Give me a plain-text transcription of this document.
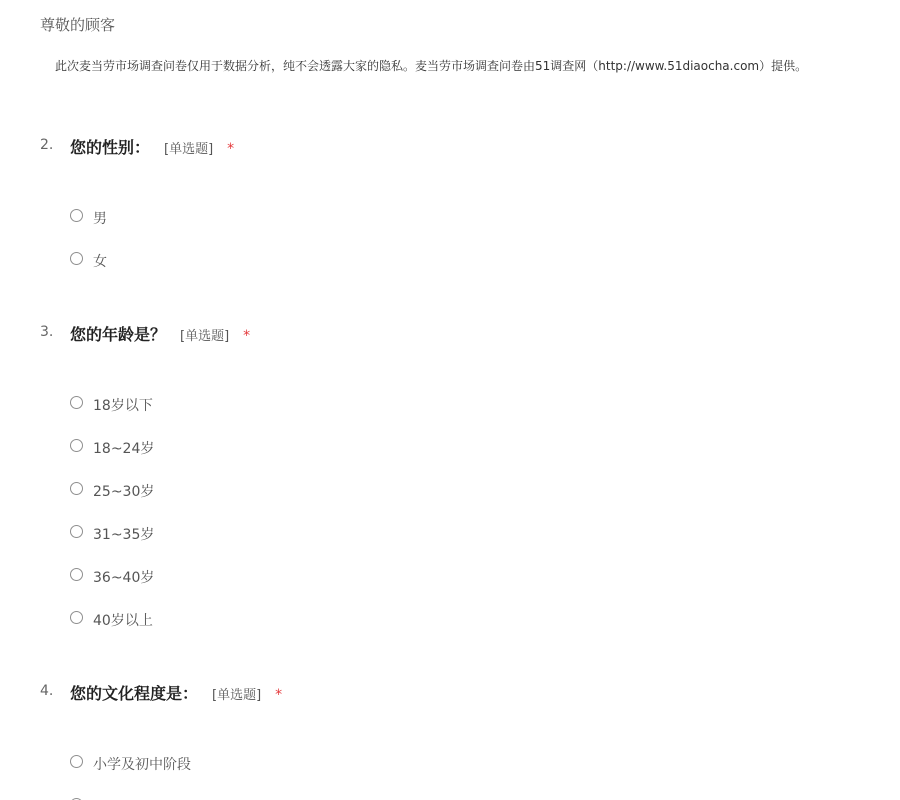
尊敬的顾客
此次麦当劳市场调查问卷仅用于数据分析，纯不会透露大家的隐私。麦当劳市场调查问卷由51调查网（http://www.51diaocha.com）提供。
2. 您的性别： [单选题] *
男
女
3. 您的年龄是？ [单选题] *
18岁以下
18~24岁
25~30岁
31~35岁
36~40岁
40岁以上
4. 您的文化程度是： [单选题] *
小学及初中阶段
